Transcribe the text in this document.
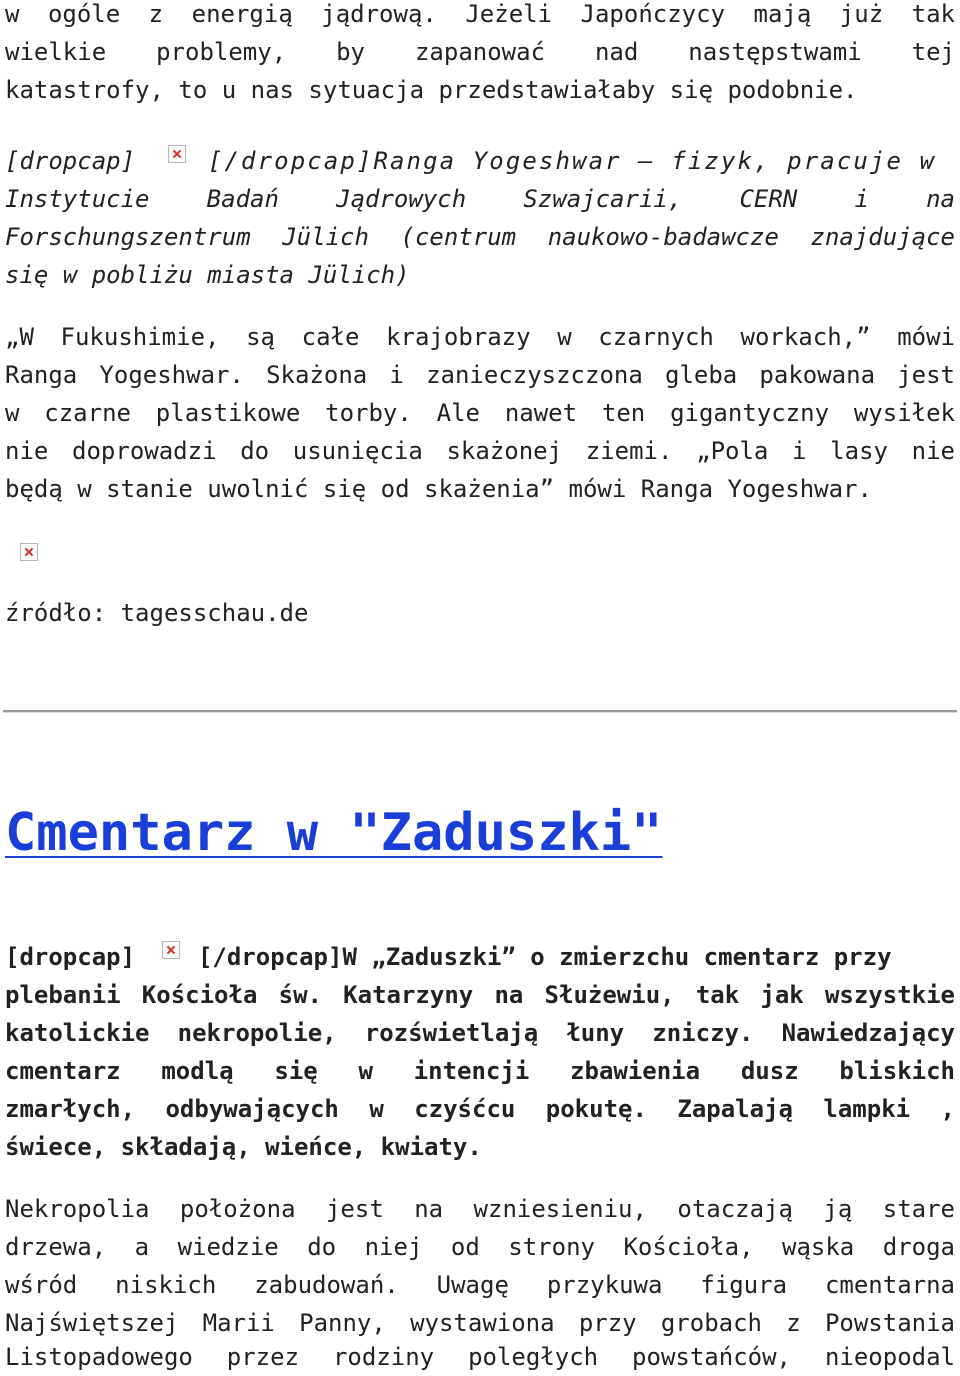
w ogóle z energią jądrową. Jeżeli Japończycy mają już tak
wielkie problemy, by zapanować nad następstwami tej
katastrofy, to u nas sytuacja przedstawiałaby się podobnie.
[dropcap]	[/dropcap]Ranga Yogeshwar – fizyk, pracuje w
Instytucie Badań Jądrowych Szwajcarii, CERN i na
Forschungszentrum Jülich (centrum naukowo-badawcze znajdujące
się w pobliżu miasta Jülich)
„W Fukushimie, są całe krajobrazy w czarnych workach,” mówi
Ranga Yogeshwar. Skażona i zanieczyszczona gleba pakowana jest
w czarne plastikowe torby. Ale nawet ten gigantyczny wysiłek
nie doprowadzi do usunięcia skażonej ziemi. „Pola i lasy nie
będą w stanie uwolnić się od skażenia” mówi Ranga Yogeshwar.
źródło: tagesschau.de
Cmentarz w "Zaduszki"
[dropcap]	[/dropcap]W „Zaduszki” o zmierzchu cmentarz przy
plebanii Kościoła św. Katarzyny na Służewiu, tak jak wszystkie
katolickie nekropolie, rozświetlają łuny zniczy. Nawiedzający
cmentarz modlą się w intencji zbawienia dusz bliskich
zmarłych, odbywających w czyśćcu pokutę. Zapalają lampki ,
świece, składają, wieńce, kwiaty.
Nekropolia położona jest na wzniesieniu, otaczają ją stare
drzewa, a wiedzie do niej od strony Kościoła, wąska droga
wśród niskich zabudowań. Uwagę przykuwa figura cmentarna
Najświętszej Marii Panny, wystawiona przy grobach z Powstania
Listopadowego przez rodziny poległych powstańców, nieopodal
